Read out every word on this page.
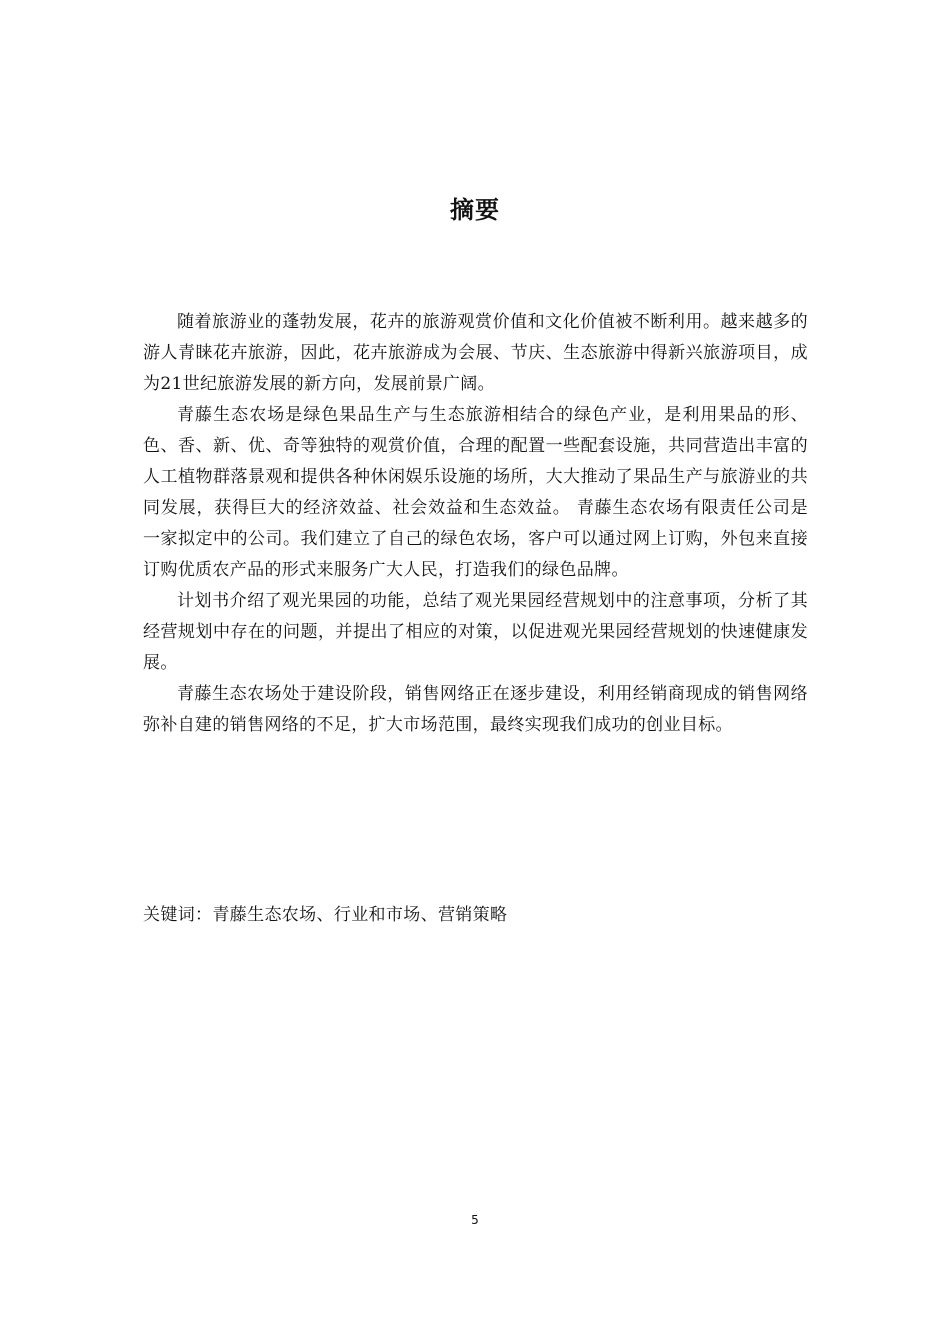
摘要

随着旅游业的蓬勃发展，花卉的旅游观赏价值和文化价值被不断利用。越来越多的游人青睐花卉旅游，因此，花卉旅游成为会展、节庆、生态旅游中得新兴旅游项目，成为21世纪旅游发展的新方向，发展前景广阔。

青藤生态农场是绿色果品生产与生态旅游相结合的绿色产业，是利用果品的形、色、香、新、优、奇等独特的观赏价值，合理的配置一些配套设施，共同营造出丰富的人工植物群落景观和提供各种休闲娱乐设施的场所，大大推动了果品生产与旅游业的共同发展，获得巨大的经济效益、社会效益和生态效益。 青藤生态农场有限责任公司是一家拟定中的公司。我们建立了自己的绿色农场，客户可以通过网上订购，外包来直接订购优质农产品的形式来服务广大人民，打造我们的绿色品牌。

计划书介绍了观光果园的功能，总结了观光果园经营规划中的注意事项，分析了其经营规划中存在的问题，并提出了相应的对策，以促进观光果园经营规划的快速健康发展。

青藤生态农场处于建设阶段，销售网络正在逐步建设，利用经销商现成的销售网络弥补自建的销售网络的不足，扩大市场范围，最终实现我们成功的创业目标。

关键词：青藤生态农场、行业和市场、营销策略
5
